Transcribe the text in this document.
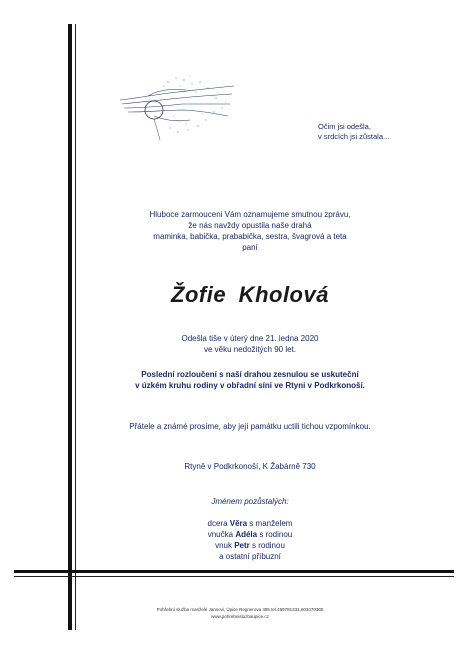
Očim jsi odešla,
v srdcích jsi zůstala...
Hluboce zarmouceni Vám oznamujeme smutnou zprávu,
že nás navždy opustila naše drahá
maminka, babička, prababička, sestra, švagrová a teta
paní
Žofie Kholová
Odešla tiše v úterý dne 21. ledna 2020
ve věku nedožitých 90 let.
Poslední rozloučení s naší drahou zesnulou se uskuteční
v úzkém kruhu rodiny v obřadní síni ve Rtyni v Podkrkonoší.
Přátele a známé prosíme, aby její památku uctili tichou vzpomínkou.
Rtyně v Podkrkonoší, K Žabárně 730
Jménem pozůstalých:
dcera Věra s manželem
vnučka Adéla s rodinou
vnuk Petr s rodinou
a ostatní příbuzní
Pohřební služba manželé Jansovi, Úpice Regnerova 485 tel.499781331,603470305
www.pohrebnisluzbaupice.cz
